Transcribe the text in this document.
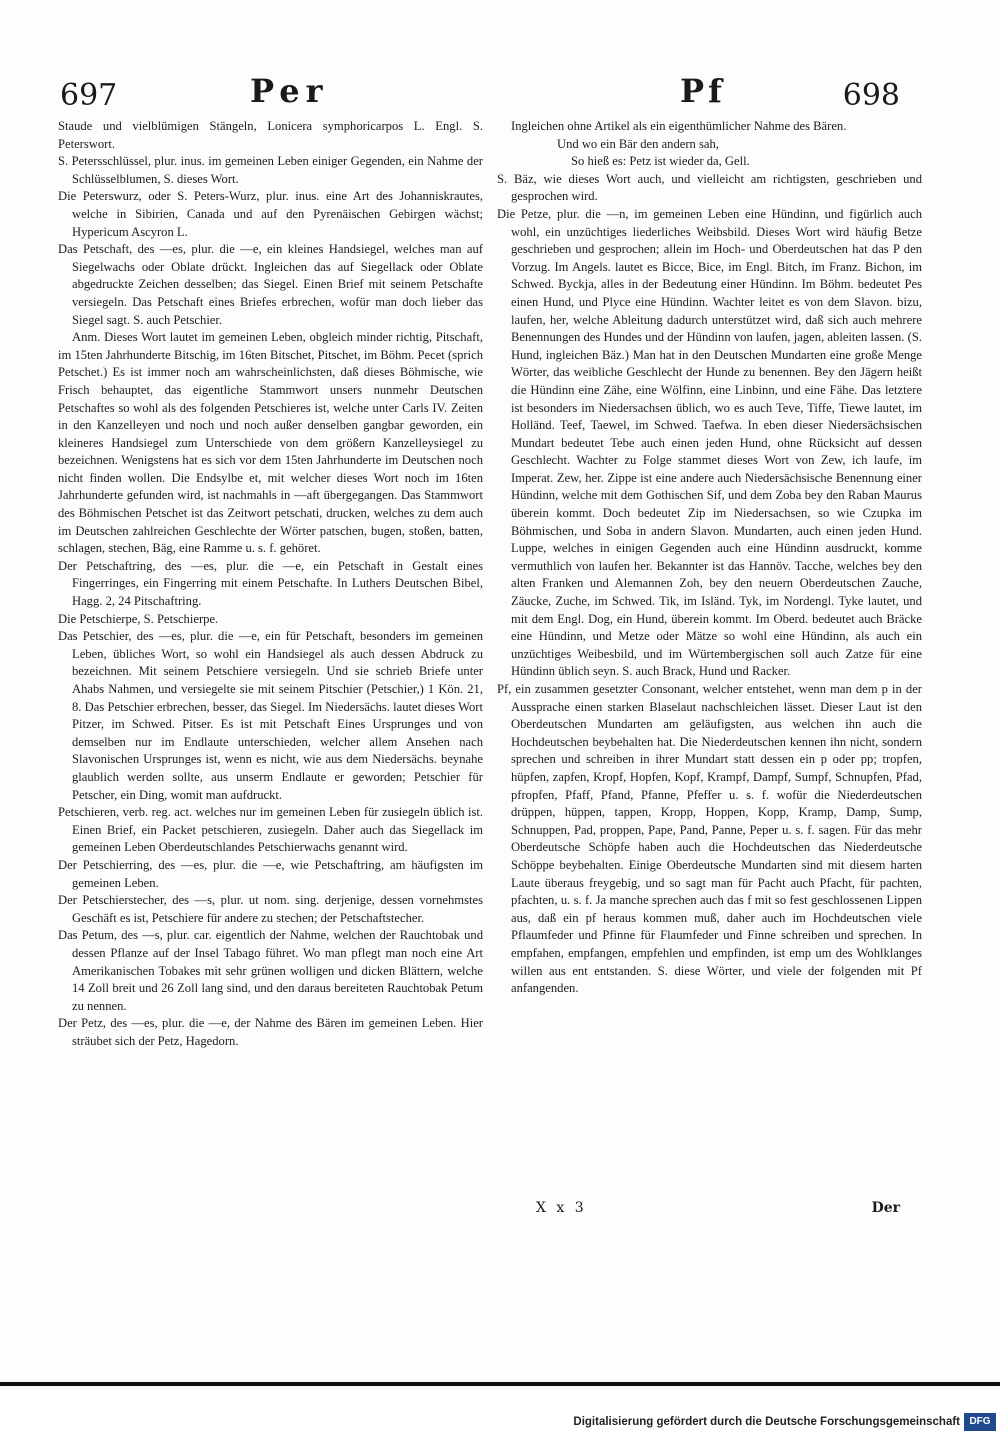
697	Per	Pf	698

Staude und vielblümigen Stängeln, Lonicera symphoricarpos L. Engl. S. Peterswort.

S. Petersschlüssel, plur. inus. im gemeinen Leben einiger Gegenden, ein Nahme der Schlüsselblumen, S. dieses Wort.

Die Peterswurz, oder S. Peters-Wurz, plur. inus. eine Art des Johanniskrautes, welche in Sibirien, Canada und auf den Pyrenäischen Gebirgen wächst; Hypericum Ascyron L.

Das Petschaft, des —es, plur. die —e, ein kleines Handsiegel, welches man auf Siegelwachs oder Oblate drückt. Ingleichen das auf Siegellack oder Oblate abgedruckte Zeichen desselben; das Siegel. Einen Brief mit seinem Petschafte versiegeln. Das Petschaft eines Briefes erbrechen, wofür man doch lieber das Siegel sagt. S. auch Petschier.

Anm. Dieses Wort lautet im gemeinen Leben, obgleich minder richtig, Pitschaft, im 15ten Jahrhunderte Bitschig, im 16ten Bitschet, Pitschet, im Böhm. Pecet (sprich Petschet.) Es ist immer noch am wahrscheinlichsten, daß dieses Böhmische, wie Frisch behauptet, das eigentliche Stammwort unsers nunmehr Deutschen Petschaftes so wohl als des folgenden Petschieres ist, welche unter Carls IV. Zeiten in den Kanzelleyen und noch und noch außer denselben gangbar geworden, ein kleineres Handsiegel zum Unterschiede von dem größern Kanzelleysiegel zu bezeichnen. Wenigstens hat es sich vor dem 15ten Jahrhunderte im Deutschen noch nicht finden wollen. Die Endsylbe et, mit welcher dieses Wort noch im 16ten Jahrhunderte gefunden wird, ist nachmahls in —aft übergegangen. Das Stammwort des Böhmischen Petschet ist das Zeitwort petschati, drucken, welches zu dem auch im Deutschen zahlreichen Geschlechte der Wörter patschen, bugen, stoßen, batten, schlagen, stechen, Bäg, eine Ramme u. s. f. gehöret.

Der Petschaftring, des —es, plur. die —e, ein Petschaft in Gestalt eines Fingerringes, ein Fingerring mit einem Petschafte. In Luthers Deutschen Bibel, Hagg. 2, 24 Pitschaftring.

Die Petschierpe, S. Petschierpe.

Das Petschier, des —es, plur. die —e, ein für Petschaft, besonders im gemeinen Leben, übliches Wort, so wohl ein Handsiegel als auch dessen Abdruck zu bezeichnen. Mit seinem Petschiere versiegeln. Und sie schrieb Briefe unter Ahabs Nahmen, und versiegelte sie mit seinem Pitschier (Petschier,) 1 Kön. 21, 8. Das Petschier erbrechen, besser, das Siegel. Im Niedersächs. lautet dieses Wort Pitzer, im Schwed. Pitser. Es ist mit Petschaft Eines Ursprunges und von demselben nur im Endlaute unterschieden, welcher allem Ansehen nach Slavonischen Ursprunges ist, wenn es nicht, wie aus dem Niedersächs. beynahe glaublich werden sollte, aus unserm Endlaute er geworden; Petschier für Petscher, ein Ding, womit man aufdruckt.

Petschieren, verb. reg. act. welches nur im gemeinen Leben für zusiegeln üblich ist. Einen Brief, ein Packet petschieren, zusiegeln. Daher auch das Siegellack im gemeinen Leben Oberdeutschlandes Petschierwachs genannt wird.

Der Petschierring, des —es, plur. die —e, wie Petschaftring, am häufigsten im gemeinen Leben.

Der Petschierstecher, des —s, plur. ut nom. sing. derjenige, dessen vornehmstes Geschäft es ist, Petschiere für andere zu stechen; der Petschaftstecher.

Das Petum, des —s, plur. car. eigentlich der Nahme, welchen der Rauchtobak und dessen Pflanze auf der Insel Tabago führet. Wo man pflegt man noch eine Art Amerikanischen Tobakes mit sehr grünen wolligen und dicken Blättern, welche 14 Zoll breit und 26 Zoll lang sind, und den daraus bereiteten Rauchtobak Petum zu nennen.

Der Petz, des —es, plur. die —e, der Nahme des Bären im gemeinen Leben. Hier sträubet sich der Petz, Hagedorn.

Ingleichen ohne Artikel als ein eigenthümlicher Nahme des Bären.

Und wo ein Bär den andern sah,

So hieß es: Petz ist wieder da, Gell.

S. Bäz, wie dieses Wort auch, und vielleicht am richtigsten, geschrieben und gesprochen wird.

Die Petze, plur. die —n, im gemeinen Leben eine Hündinn, und figürlich auch wohl, ein unzüchtiges liederliches Weibsbild. Dieses Wort wird häufig Betze geschrieben und gesprochen; allein im Hoch- und Oberdeutschen hat das P den Vorzug. Im Angels. lautet es Bicce, Bice, im Engl. Bitch, im Franz. Bichon, im Schwed. Byckja, alles in der Bedeutung einer Hündinn. Im Böhm. bedeutet Pes einen Hund, und Plyce eine Hündinn. Wachter leitet es von dem Slavon. bizu, laufen, her, welche Ableitung dadurch unterstützet wird, daß sich auch mehrere Benennungen des Hundes und der Hündinn von laufen, jagen, ableiten lassen. (S. Hund, ingleichen Bäz.) Man hat in den Deutschen Mundarten eine große Menge Wörter, das weibliche Geschlecht der Hunde zu benennen. Bey den Jägern heißt die Hündinn eine Zähe, eine Wölfinn, eine Linbinn, und eine Fähe. Das letztere ist besonders im Niedersachsen üblich, wo es auch Teve, Tiffe, Tiewe lautet, im Holländ. Teef, Taewel, im Schwed. Taefwa. In eben dieser Niedersächsischen Mundart bedeutet Tebe auch einen jeden Hund, ohne Rücksicht auf dessen Geschlecht. Wachter zu Folge stammet dieses Wort von Zew, ich laufe, im Imperat. Zew, her. Zippe ist eine andere auch Niedersächsische Benennung einer Hündinn, welche mit dem Gothischen Sif, und dem Zoba bey den Raban Maurus überein kommt. Doch bedeutet Zip im Niedersachsen, so wie Czupka im Böhmischen, und Soba in andern Slavon. Mundarten, auch einen jeden Hund. Luppe, welches in einigen Gegenden auch eine Hündinn ausdruckt, komme vermuthlich von laufen her. Bekannter ist das Hannöv. Tacche, welches bey den alten Franken und Alemannen Zoh, bey den neuern Oberdeutschen Zauche, Zäucke, Zuche, im Schwed. Tik, im Isländ. Tyk, im Nordengl. Tyke lautet, und mit dem Engl. Dog, ein Hund, überein kommt. Im Oberd. bedeutet auch Bräcke eine Hündinn, und Metze oder Mätze so wohl eine Hündinn, als auch ein unzüchtiges Weibesbild, und im Würtembergischen soll auch Zatze für eine Hündinn üblich seyn. S. auch Brack, Hund und Racker.

Pf, ein zusammen gesetzter Consonant, welcher entstehet, wenn man dem p in der Aussprache einen starken Blaselaut nachschleichen lässet. Dieser Laut ist den Oberdeutschen Mundarten am geläufigsten, aus welchen ihn auch die Hochdeutschen beybehalten hat. Die Niederdeutschen kennen ihn nicht, sondern sprechen und schreiben in ihrer Mundart statt dessen ein p oder pp; tropfen, hüpfen, zapfen, Kropf, Hopfen, Kopf, Krampf, Dampf, Sumpf, Schnupfen, Pfad, pfropfen, Pfaff, Pfand, Pfanne, Pfeffer u. s. f. wofür die Niederdeutschen drüppen, hüppen, tappen, Kropp, Hoppen, Kopp, Kramp, Damp, Sump, Schnuppen, Pad, proppen, Pape, Pand, Panne, Peper u. s. f. sagen. Für das mehr Oberdeutsche Schöpfe haben auch die Hochdeutschen das Niederdeutsche Schöppe beybehalten. Einige Oberdeutsche Mundarten sind mit diesem harten Laute überaus freygebig, und so sagt man für Pacht auch Pfacht, für pachten, pfachten, u. s. f. Ja manche sprechen auch das f mit so fest geschlossenen Lippen aus, daß ein pf heraus kommen muß, daher auch im Hochdeutschen viele Pflaumfeder und Pfinne für Flaumfeder und Finne schreiben und sprechen. In empfahen, empfangen, empfehlen und empfinden, ist emp um des Wohlklanges willen aus ent entstanden. S. diese Wörter, und viele der folgenden mit Pf anfangenden.

X x 3	Der
Digitalisierung gefördert durch die Deutsche Forschungsgemeinschaft DFG
